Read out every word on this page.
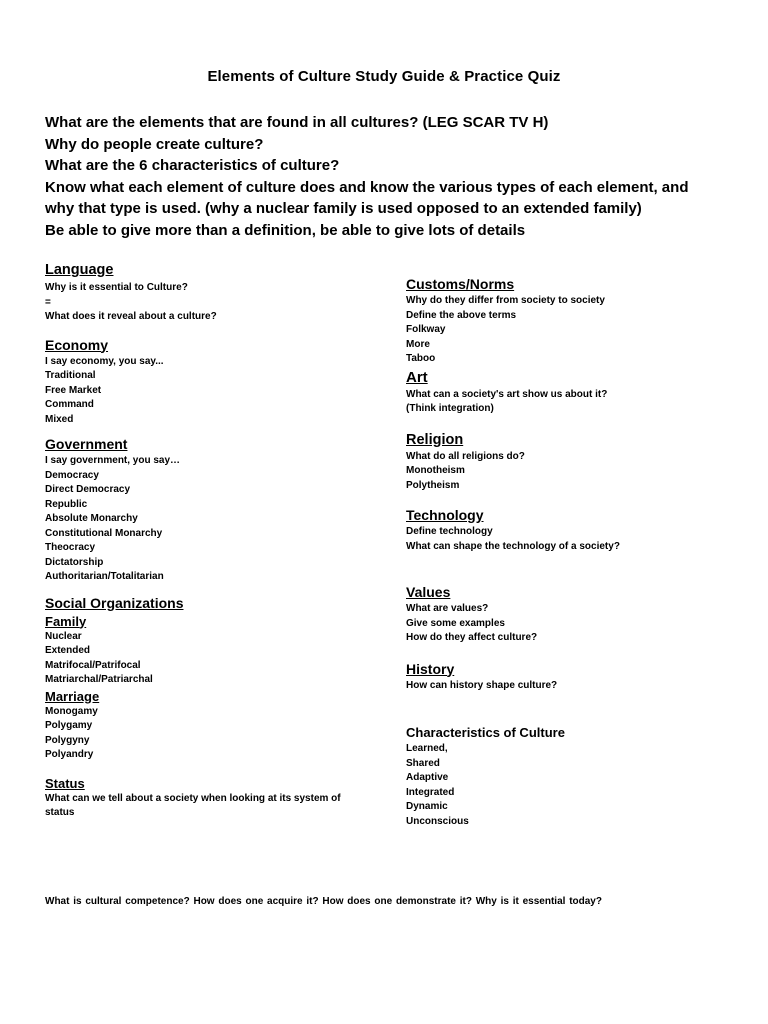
Elements of Culture Study Guide & Practice Quiz
What are the elements that are found in all cultures? (LEG SCAR TV H)
Why do people create culture?
What are the 6 characteristics of culture?
Know what each element of culture does and know the various types of each element, and
why that type is used. (why a nuclear family is used opposed to an extended family)
Be able to give more than a definition, be able to give lots of details
Language
Why is it essential to Culture?
=
What does it reveal about a culture?
Economy
I say economy, you say...
Traditional
Free Market
Command
Mixed
Government
I say government, you say…
Democracy
Direct Democracy
Republic
Absolute Monarchy
Constitutional Monarchy
Theocracy
Dictatorship
Authoritarian/Totalitarian
Social Organizations
Family
Nuclear
Extended
Matrifocal/Patrifocal
Matriarchal/Patriarchal
Marriage
Monogamy
Polygamy
Polygyny
Polyandry
Status
What can we tell about a society when looking at its system of
status
Customs/Norms
Why do they differ from society to society
Define the above terms
Folkway
More
Taboo
Art
What can a society's art show us about it?
(Think integration)
Religion
What do all religions do?
Monotheism
Polytheism
Technology
Define technology
What can shape the technology of a society?
Values
What are values?
Give some examples
How do they affect culture?
History
How can history shape culture?
Characteristics of Culture
Learned,
Shared
Adaptive
Integrated
Dynamic
Unconscious
What is cultural competence? How does one acquire it? How does one demonstrate it? Why is it essential today?
